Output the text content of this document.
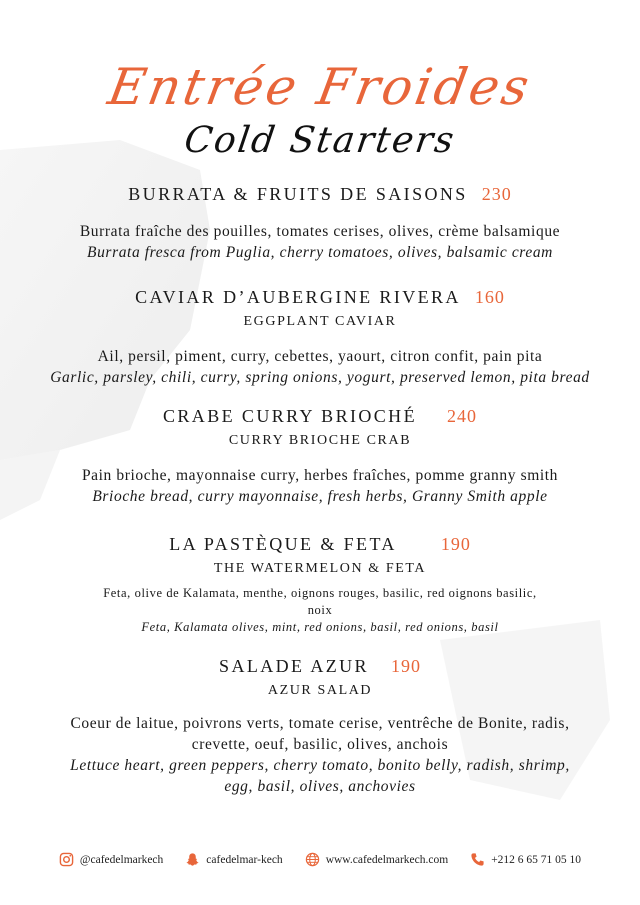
Entrée Froides
Cold Starters
BURRATA & FRUITS DE SAISONS 230
Burrata fraîche des pouilles, tomates cerises, olives, crème balsamique
Burrata fresca from Puglia, cherry tomatoes, olives, balsamic cream
CAVIAR D’AUBERGINE RIVERA 160
EGGPLANT CAVIAR
Ail, persil, piment, curry, cebettes, yaourt, citron confit, pain pita
Garlic, parsley, chili, curry, spring onions, yogurt, preserved lemon, pita bread
CRABE CURRY BRIOCHÉ 240
CURRY BRIOCHE CRAB
Pain brioche, mayonnaise curry, herbes fraîches, pomme granny smith
Brioche bread, curry mayonnaise, fresh herbs, Granny Smith apple
LA PASTÈQUE & FETA 190
THE WATERMELON & FETA
Feta, olive de Kalamata, menthe, oignons rouges, basilic, red oignons basilic,
noix
Feta, Kalamata olives, mint, red onions, basil, red onions, basil
SALADE AZUR 190
AZUR SALAD
Coeur de laitue, poivrons verts, tomate cerise, ventrêche de Bonite, radis,
crevette, oeuf, basilic, olives, anchois
Lettuce heart, green peppers, cherry tomato, bonito belly, radish, shrimp,
egg, basil, olives, anchovies
@cafedelmarkech	cafedelmar-kech	www.cafedelmarkech.com	+212 6 65 71 05 10
